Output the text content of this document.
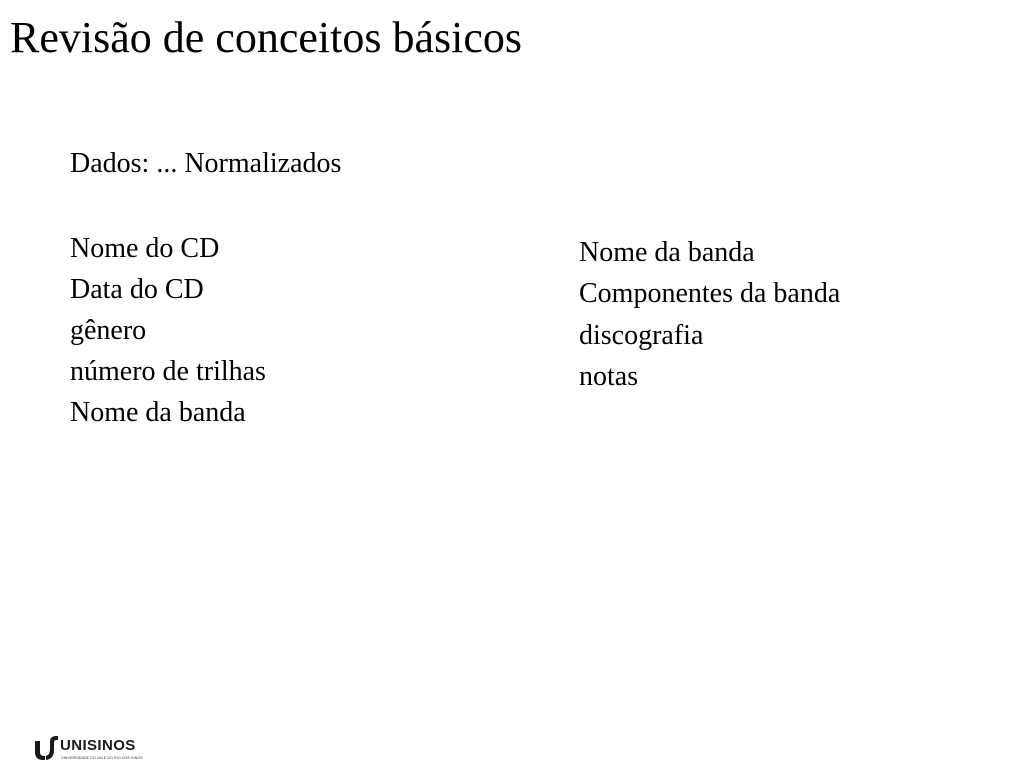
Revisão de conceitos básicos
Dados: ... Normalizados
Nome do CD
Data do CD
gênero
número de trilhas
Nome da banda
Nome da banda
Componentes da banda
discografia
notas
UNISINOS
UNIVERSIDADE DO VALE DO RIO DOS SINOS
